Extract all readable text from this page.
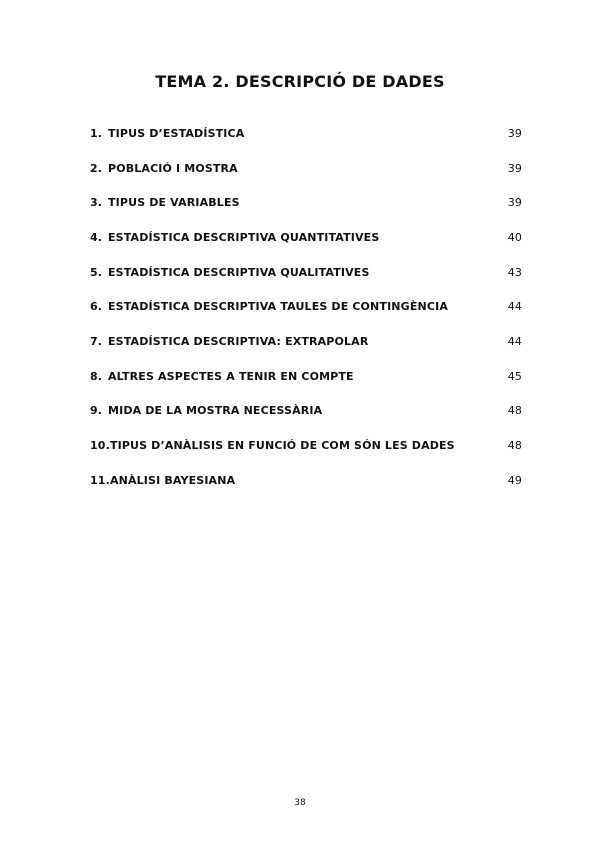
TEMA 2. DESCRIPCIÓ DE DADES
1. TIPUS D’ESTADÍSTICA	39
2. POBLACIÓ I MOSTRA	39
3. TIPUS DE VARIABLES	39
4. ESTADÍSTICA DESCRIPTIVA QUANTITATIVES	40
5. ESTADÍSTICA DESCRIPTIVA QUALITATIVES	43
6. ESTADÍSTICA DESCRIPTIVA TAULES DE CONTINGÈNCIA	44
7. ESTADÍSTICA DESCRIPTIVA: EXTRAPOLAR	44
8. ALTRES ASPECTES A TENIR EN COMPTE	45
9. MIDA DE LA MOSTRA NECESSÀRIA	48
10. TIPUS D’ANÀLISIS EN FUNCIÓ DE COM SÓN LES DADES	48
11. ANÀLISI BAYESIANA	49
38
